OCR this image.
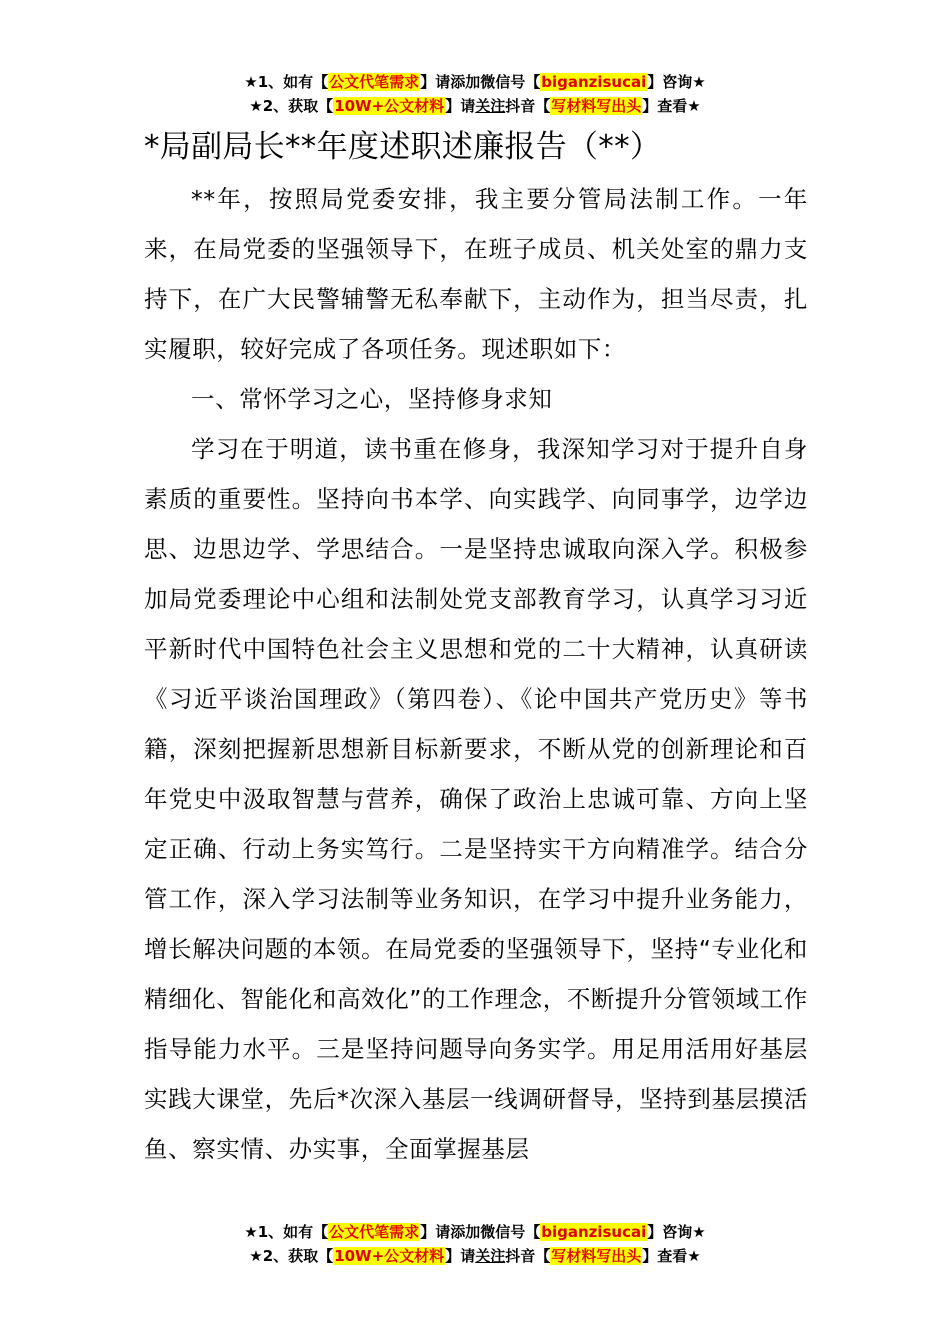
★1、如有【公文代笔需求】请添加微信号【biganzisucai】咨询★
★2、获取【10W+公文材料】请关注抖音【写材料写出头】查看★
*局副局长**年度述职述廉报告（**）

**年，按照局党委安排，我主要分管局法制工作。一年来，在局党委的坚强领导下，在班子成员、机关处室的鼎力支持下，在广大民警辅警无私奉献下，主动作为，担当尽责，扎实履职，较好完成了各项任务。现述职如下：

一、常怀学习之心，坚持修身求知

学习在于明道，读书重在修身，我深知学习对于提升自身素质的重要性。坚持向书本学、向实践学、向同事学，边学边思、边思边学、学思结合。一是坚持忠诚取向深入学。积极参加局党委理论中心组和法制处党支部教育学习，认真学习习近平新时代中国特色社会主义思想和党的二十大精神，认真研读《习近平谈治国理政》（第四卷）、《论中国共产党历史》等书籍，深刻把握新思想新目标新要求，不断从党的创新理论和百年党史中汲取智慧与营养，确保了政治上忠诚可靠、方向上坚定正确、行动上务实笃行。二是坚持实干方向精准学。结合分管工作，深入学习法制等业务知识，在学习中提升业务能力，增长解决问题的本领。在局党委的坚强领导下，坚持“专业化和精细化、智能化和高效化”的工作理念，不断提升分管领域工作指导能力水平。三是坚持问题导向务实学。用足用活用好基层实践大课堂，先后*次深入基层一线调研督导，坚持到基层摸活鱼、察实情、办实事，全面掌握基层

★1、如有【公文代笔需求】请添加微信号【biganzisucai】咨询★
★2、获取【10W+公文材料】请关注抖音【写材料写出头】查看★
